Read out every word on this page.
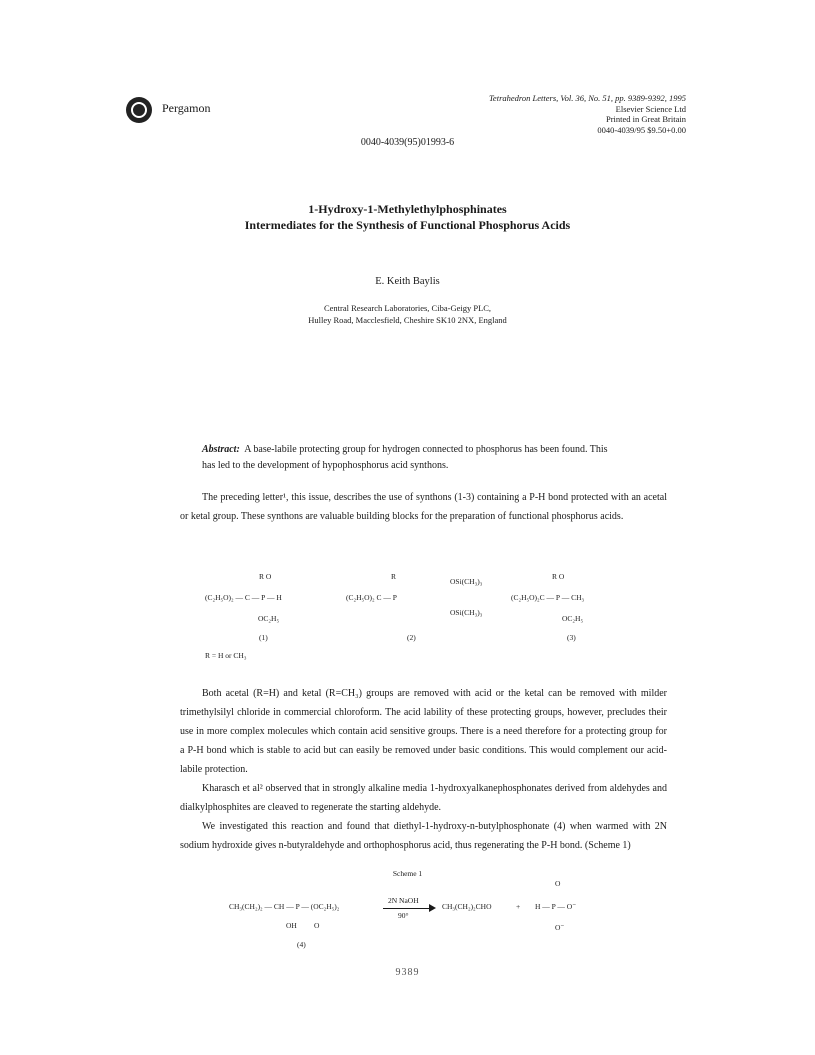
Pergamon
Tetrahedron Letters, Vol. 36, No. 51, pp. 9389-9392, 1995
Elsevier Science Ltd
Printed in Great Britain
0040-4039/95 $9.50+0.00
0040-4039(95)01993-6
1-Hydroxy-1-Methylethylphosphinates
Intermediates for the Synthesis of Functional Phosphorus Acids
E. Keith Baylis
Central Research Laboratories, Ciba-Geigy PLC,
Hulley Road, Macclesfield, Cheshire SK10 2NX, England
Abstract: A base-labile protecting group for hydrogen connected to phosphorus has been found. This has led to the development of hypophosphorus acid synthons.
The preceding letter¹, this issue, describes the use of synthons (1-3) containing a P-H bond protected with an acetal or ketal group. These synthons are valuable building blocks for the preparation of functional phosphorus acids.
R O
(C₂H₅O)₂ — C — P — H
OC₂H₅
(1)
R
(C₂H₅O)₂ C — P
OSi(CH₃)₃
OSi(CH₃)₃
(2)
R O
(C₂H₅O)₂C — P — CH₃
OC₂H₅
(3)
R = H or CH₃
Both acetal (R=H) and ketal (R=CH₃) groups are removed with acid or the ketal can be removed with milder trimethylsilyl chloride in commercial chloroform. The acid lability of these protecting groups, however, precludes their use in more complex molecules which contain acid sensitive groups. There is a need therefore for a protecting group for a P-H bond which is stable to acid but can easily be removed under basic conditions. This would complement our acid-labile protection.
Kharasch et al² observed that in strongly alkaline media 1-hydroxyalkanephosphonates derived from aldehydes and dialkylphosphites are cleaved to regenerate the starting aldehyde.
We investigated this reaction and found that diethyl-1-hydroxy-n-butylphosphonate (4) when warmed with 2N sodium hydroxide gives n-butyraldehyde and orthophosphorus acid, thus regenerating the P-H bond. (Scheme 1)
Scheme 1
CH₃(CH₂)₂ — CH — P — (OC₂H₅)₂
OH O
(4)
2N NaOH
90°
CH₃(CH₂)₂CHO	+
O
H — P — O⁻
O⁻
9389
